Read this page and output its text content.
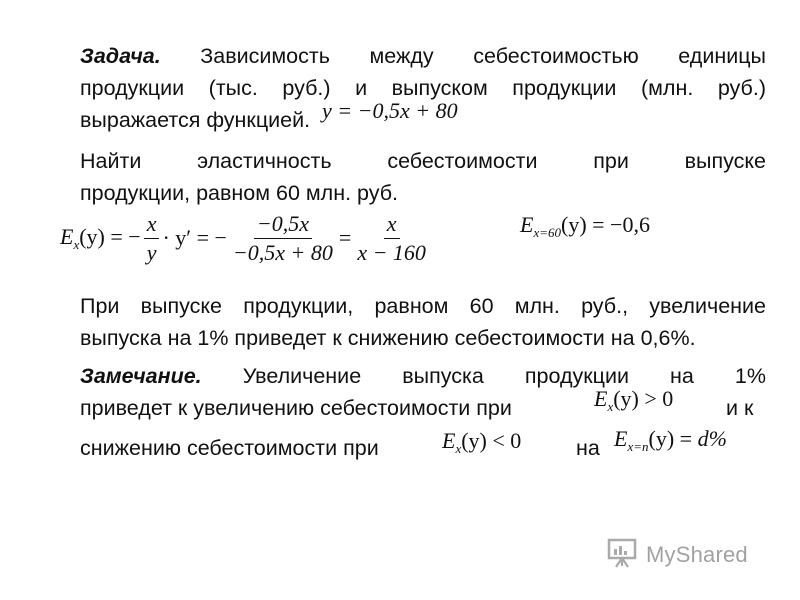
Задача. Зависимость между себестоимостью единицы

продукции (тыс. руб.) и выпуском продукции (млн. руб.)

выражается функцией. y = −0,5x + 80

Найти эластичность себестоимости при выпуске

продукции, равном 60 млн. руб.

$E_x(y)$ = − $\frac{x}{y} \cdot y'$ = − $\frac{-0,5x}{-0,5x + 80} = \frac{x}{x - 160}$	$E_{x=60}(y) = -0,6$

При выпуске продукции, равном 60 млн. руб., увеличение

выпуска на 1% приведет к снижению себестоимости на 0,6%.

Замечание. Увеличение выпуска продукции на 1%

приведет к увеличению себестоимости при	$E_x(y) > 0$ и к

снижению себестоимости при	$E_x(y) < 0$	на $E_{x=n}(y) = d\%$
MyShared
